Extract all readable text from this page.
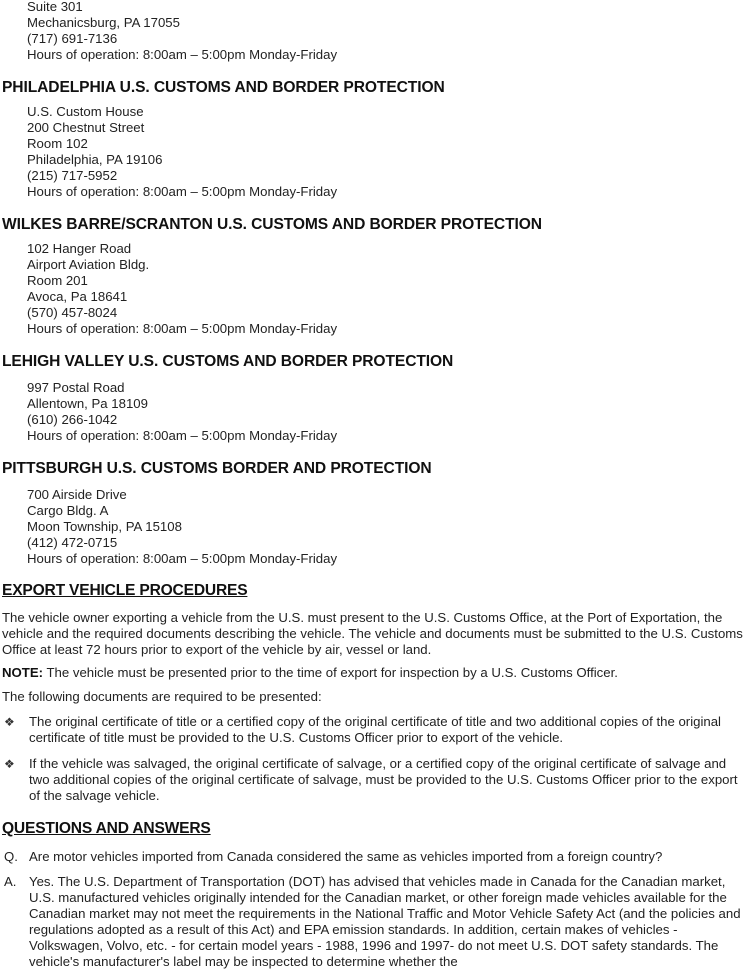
Suite 301
Mechanicsburg, PA 17055
(717) 691-7136
Hours of operation: 8:00am – 5:00pm Monday-Friday
PHILADELPHIA U.S. CUSTOMS AND BORDER PROTECTION
U.S. Custom House
200 Chestnut Street
Room 102
Philadelphia, PA 19106
(215) 717-5952
Hours of operation: 8:00am – 5:00pm Monday-Friday
WILKES BARRE/SCRANTON U.S. CUSTOMS AND BORDER PROTECTION
102 Hanger Road
Airport Aviation Bldg.
Room 201
Avoca, Pa 18641
(570) 457-8024
Hours of operation: 8:00am – 5:00pm Monday-Friday
LEHIGH VALLEY U.S. CUSTOMS AND BORDER PROTECTION
997 Postal Road
Allentown, Pa 18109
(610) 266-1042
Hours of operation: 8:00am – 5:00pm Monday-Friday
PITTSBURGH U.S. CUSTOMS BORDER AND PROTECTION
700 Airside Drive
Cargo Bldg. A
Moon Township, PA 15108
(412) 472-0715
Hours of operation: 8:00am – 5:00pm Monday-Friday
EXPORT VEHICLE PROCEDURES
The vehicle owner exporting a vehicle from the U.S. must present to the U.S. Customs Office, at the Port of Exportation, the vehicle and the required documents describing the vehicle. The vehicle and documents must be submitted to the U.S. Customs Office at least 72 hours prior to export of the vehicle by air, vessel or land.
NOTE: The vehicle must be presented prior to the time of export for inspection by a U.S. Customs Officer.
The following documents are required to be presented:
❖ The original certificate of title or a certified copy of the original certificate of title and two additional copies of the original certificate of title must be provided to the U.S. Customs Officer prior to export of the vehicle.
❖ If the vehicle was salvaged, the original certificate of salvage, or a certified copy of the original certificate of salvage and two additional copies of the original certificate of salvage, must be provided to the U.S. Customs Officer prior to the export of the salvage vehicle.
QUESTIONS AND ANSWERS
Q. Are motor vehicles imported from Canada considered the same as vehicles imported from a foreign country?
A. Yes. The U.S. Department of Transportation (DOT) has advised that vehicles made in Canada for the Canadian market, U.S. manufactured vehicles originally intended for the Canadian market, or other foreign made vehicles available for the Canadian market may not meet the requirements in the National Traffic and Motor Vehicle Safety Act (and the policies and regulations adopted as a result of this Act) and EPA emission standards. In addition, certain makes of vehicles - Volkswagen, Volvo, etc. - for certain model years - 1988, 1996 and 1997- do not meet U.S. DOT safety standards. The vehicle's manufacturer's label may be inspected to determine whether the
